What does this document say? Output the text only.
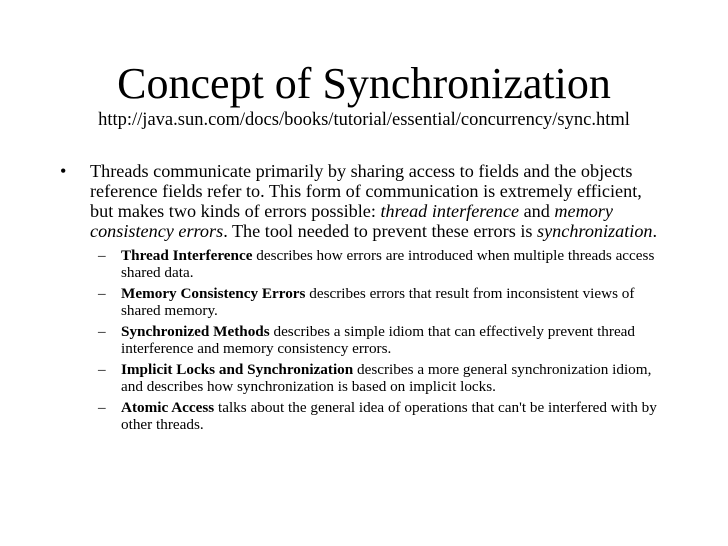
Concept of Synchronization
http://java.sun.com/docs/books/tutorial/essential/concurrency/sync.html
• Threads communicate primarily by sharing access to fields and the objects reference fields refer to. This form of communication is extremely efficient, but makes two kinds of errors possible: thread interference and memory consistency errors. The tool needed to prevent these errors is synchronization.
– Thread Interference describes how errors are introduced when multiple threads access shared data.
– Memory Consistency Errors describes errors that result from inconsistent views of shared memory.
– Synchronized Methods describes a simple idiom that can effectively prevent thread interference and memory consistency errors.
– Implicit Locks and Synchronization describes a more general synchronization idiom, and describes how synchronization is based on implicit locks.
– Atomic Access talks about the general idea of operations that can't be interfered with by other threads.
